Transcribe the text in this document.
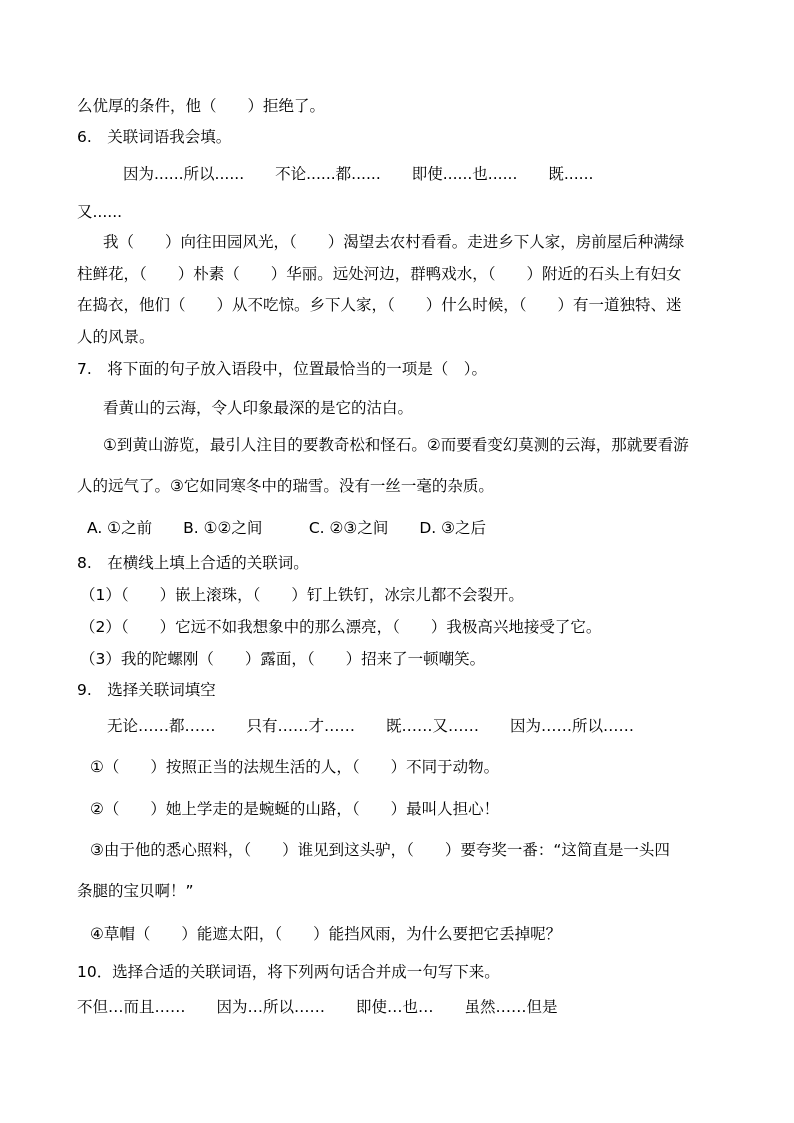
么优厚的条件，他（　　）拒绝了。
6.　关联词语我会填。
因为......所以......　　不论......都......　　即使......也......　　既......
又......
我（　　）向往田园风光，（　　）渴望去农村看看。走进乡下人家，房前屋后种满绿
柱鲜花，（　　）朴素（　　）华丽。远处河边，群鸭戏水，（　　）附近的石头上有妇女
在捣衣，他们（　　）从不吃惊。乡下人家，（　　）什么时候，（　　）有一道独特、迷
人的风景。
7.　将下面的句子放入语段中，位置最恰当的一项是（　）。
看黄山的云海，令人印象最深的是它的沽白。
①到黄山游览，最引人注目的要教奇松和怪石。②而要看变幻莫测的云海，那就要看游
人的远气了。③它如同寒冬中的瑞雪。没有一丝一毫的杂质。
A. ①之前　　B. ①②之间　　　C. ②③之间　　D. ③之后
8.　在横线上填上合适的关联词。
（1）（　　）嵌上滚珠，（　　）钉上铁钉，冰宗儿都不会裂开。
（2）（　　）它远不如我想象中的那么漂亮，（　　）我极高兴地接受了它。
（3）我的陀螺刚（　　）露面，（　　）招来了一顿嘲笑。
9.　选择关联词填空
无论……都……　　只有……才……　　既……又……　　因为……所以……
①（　　）按照正当的法规生活的人，（　　）不同于动物。
②（　　）她上学走的是蜿蜒的山路，（　　）最叫人担心！
③由于他的悉心照料，（　　）谁见到这头驴，（　　）要夸奖一番：“这简直是一头四
条腿的宝贝啊！”
④草帽（　　）能遮太阳，（　　）能挡风雨，为什么要把它丢掉呢？
10．选择合适的关联词语，将下列两句话合并成一句写下来。
不但…而且……　　因为…所以……　　即使…也…　　虽然……但是
